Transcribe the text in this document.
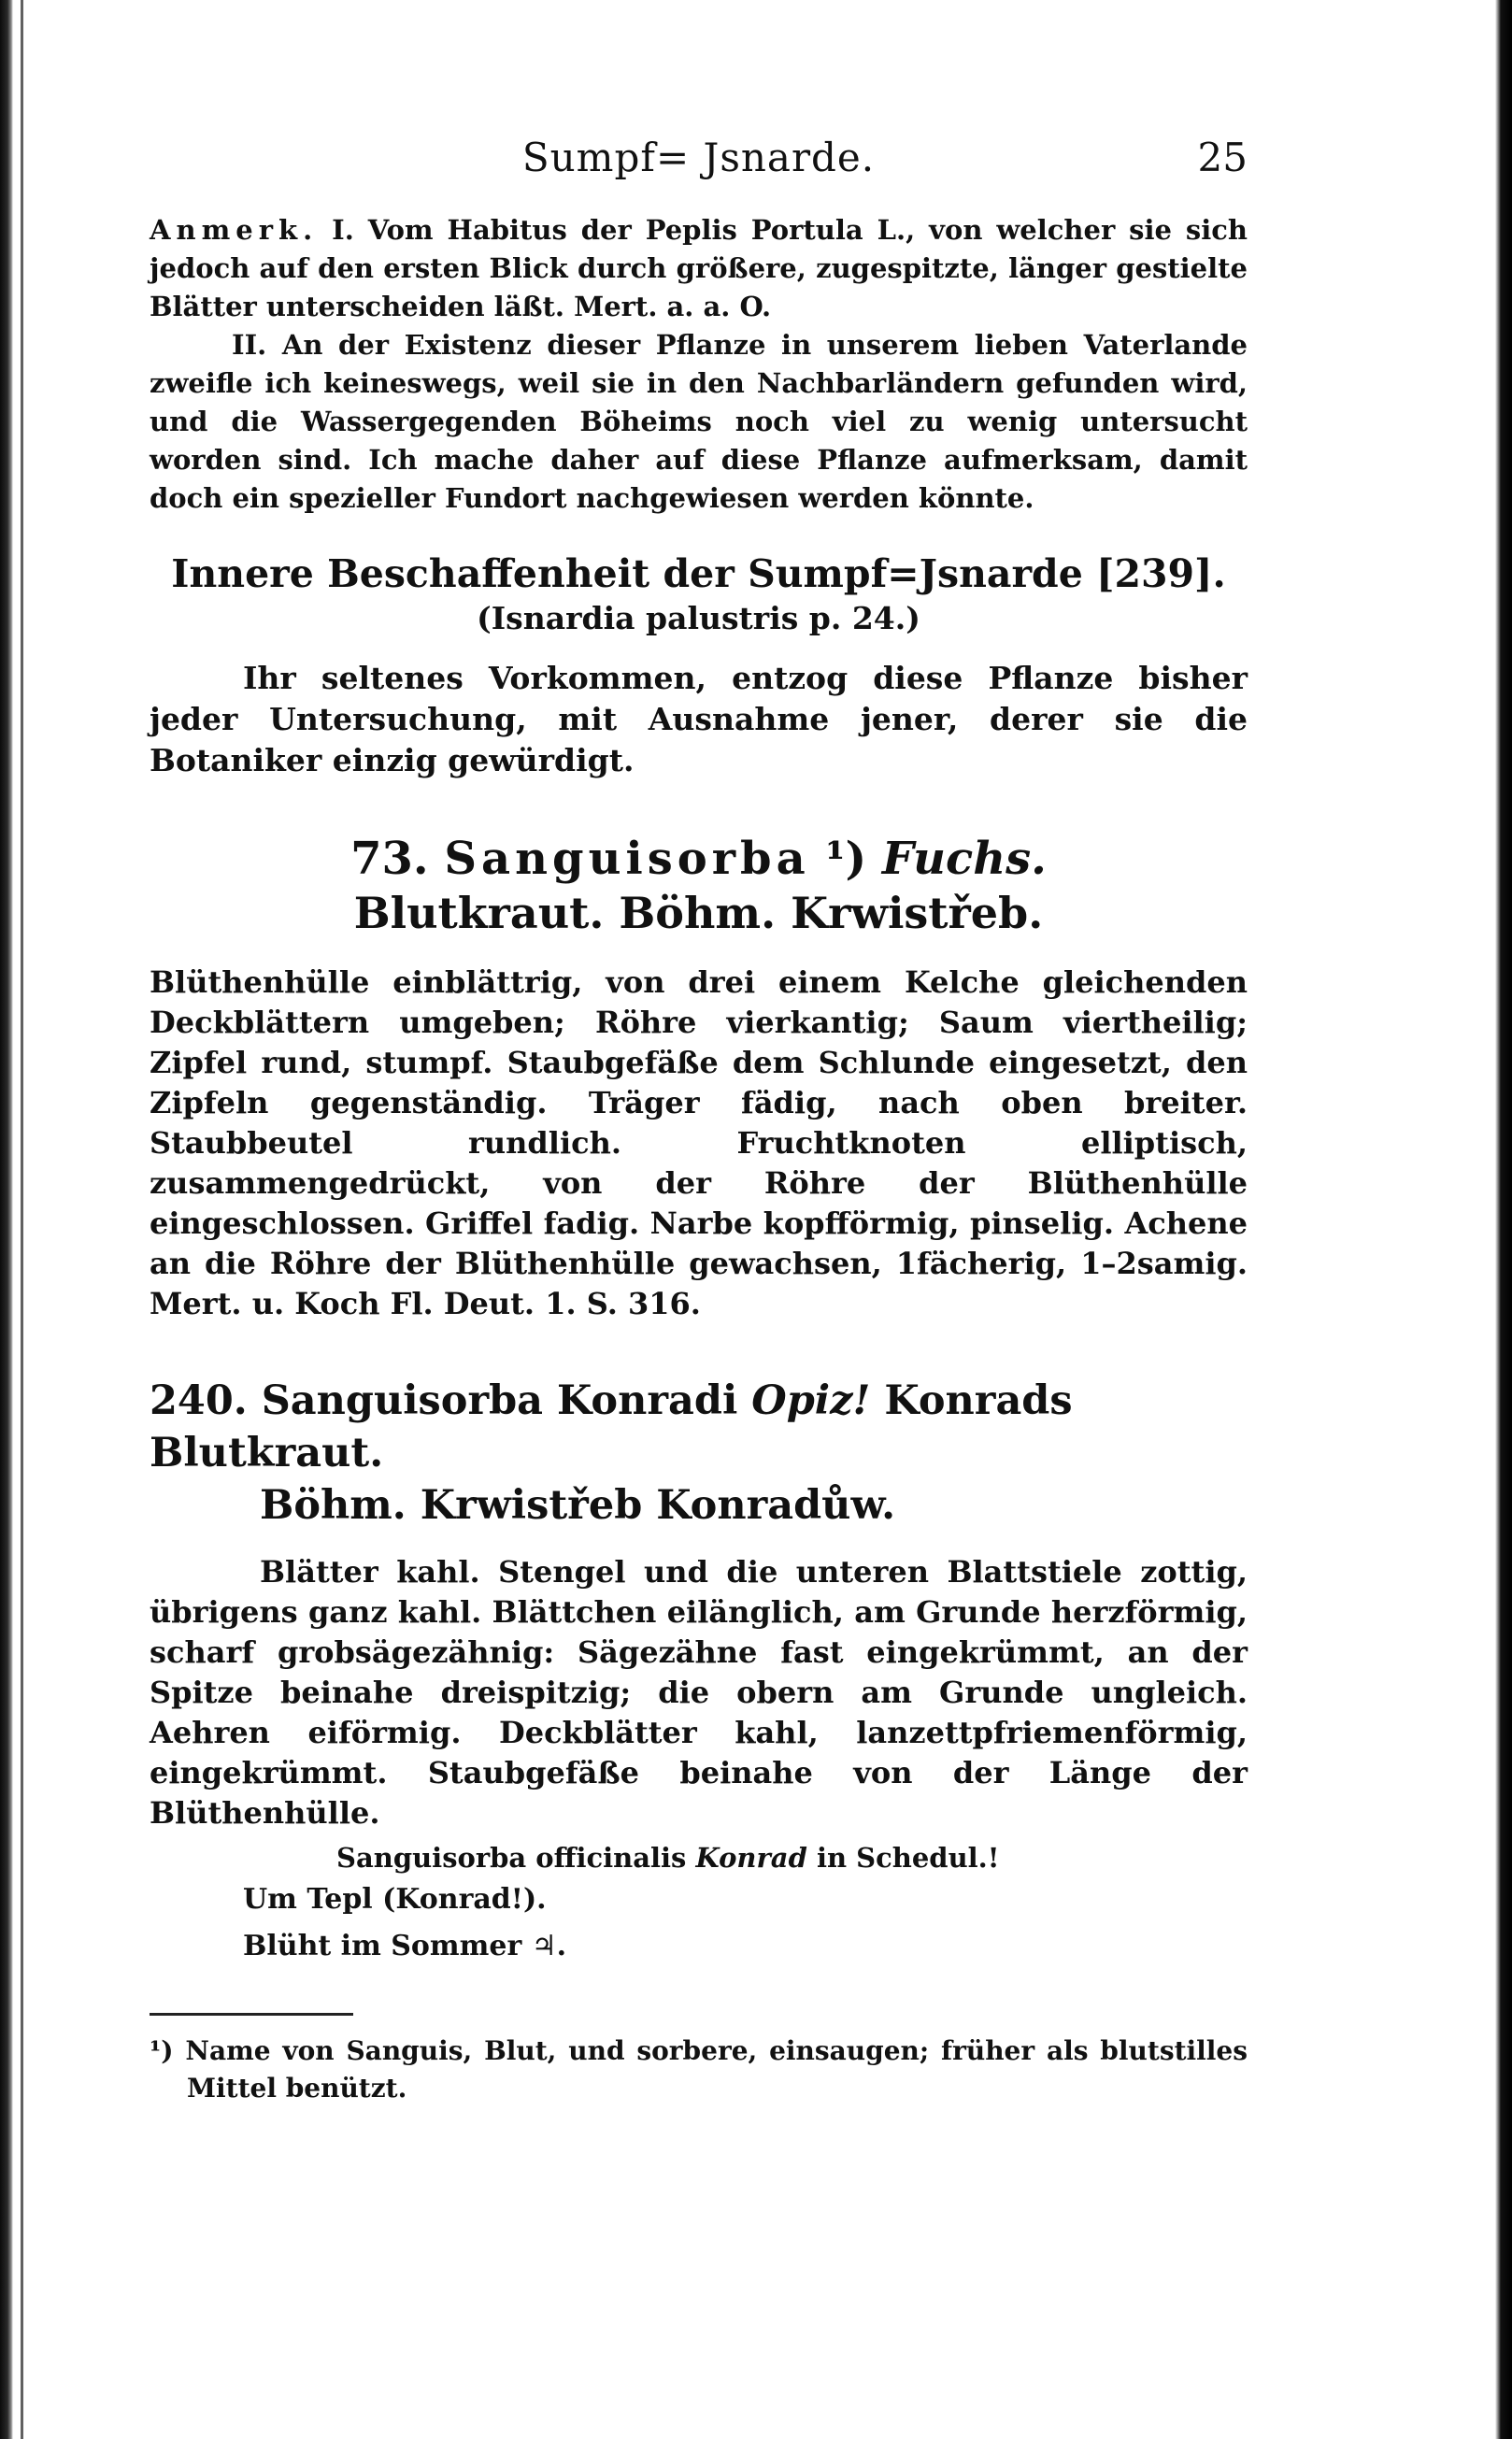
Sumpf= Jsnarde.	25

Anmerk. I. Vom Habitus der Peplis Portula L., von welcher sie sich jedoch auf den ersten Blick durch größere, zugespitzte, länger gestielte Blätter unterscheiden läßt. Mert. a. a. O.

II. An der Existenz dieser Pflanze in unserem lieben Vaterlande zweifle ich keineswegs, weil sie in den Nachbarländern gefunden wird, und die Wassergegenden Böheims noch viel zu wenig untersucht worden sind. Ich mache daher auf diese Pflanze aufmerksam, damit doch ein spezieller Fundort nachgewiesen werden könnte.

Innere Beschaffenheit der Sumpf=Jsnarde [239].
(Isnardia palustris p. 24.)

Ihr seltenes Vorkommen, entzog diese Pflanze bisher jeder Untersuchung, mit Ausnahme jener, derer sie die Botaniker einzig gewürdigt.

73. Sanguisorba ¹) Fuchs.
Blutkraut. Böhm. Krwistřeb.

Blüthenhülle einblättrig, von drei einem Kelche gleichenden Deckblättern umgeben; Röhre vierkantig; Saum viertheilig; Zipfel rund, stumpf. Staubgefäße dem Schlunde eingesetzt, den Zipfeln gegenständig. Träger fädig, nach oben breiter. Staubbeutel rundlich. Fruchtknoten elliptisch, zusammengedrückt, von der Röhre der Blüthenhülle eingeschlossen. Griffel fadig. Narbe kopfförmig, pinselig. Achene an die Röhre der Blüthenhülle gewachsen, 1fächerig, 1–2samig. Mert. u. Koch Fl. Deut. 1. S. 316.

240. Sanguisorba Konradi Opiz! Konrads Blutkraut.
Böhm. Krwistřeb Konradůw.

Blätter kahl. Stengel und die unteren Blattstiele zottig, übrigens ganz kahl. Blättchen eilänglich, am Grunde herzförmig, scharf grobsägezähnig: Sägezähne fast eingekrümmt, an der Spitze beinahe dreispitzig; die obern am Grunde ungleich. Aehren eiförmig. Deckblätter kahl, lanzettpfriemenförmig, eingekrümmt. Staubgefäße beinahe von der Länge der Blüthenhülle.

Sanguisorba officinalis Konrad in Schedul.!
Um Tepl (Konrad!).
Blüht im Sommer ♃.

¹) Name von Sanguis, Blut, und sorbere, einsaugen; früher als blutstilles Mittel benützt.
